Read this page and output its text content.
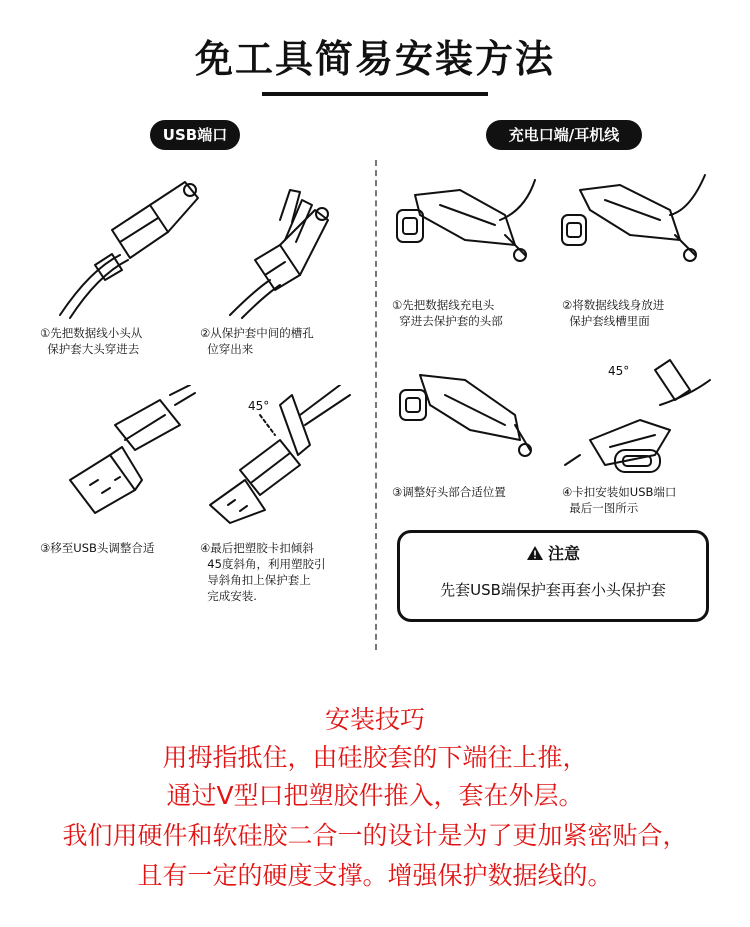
免工具简易安装方法
USB端口	充电口端/耳机线
45°
45°
①先把数据线小头从
保护套大头穿进去
②从保护套中间的槽孔
位穿出来
③移至USB头调整合适	④最后把塑胶卡扣倾斜
45度斜角，利用塑胶引
导斜角扣上保护套上
完成安装.
①先把数据线充电头
穿进去保护套的头部
②将数据线线身放进
保护套线槽里面
③调整好头部合适位置	④卡扣安装如USB端口
最后一图所示
注意
先套USB端保护套再套小头保护套
安装技巧
用拇指抵住，由硅胶套的下端往上推，
通过V型口把塑胶件推入，套在外层。
我们用硬件和软硅胶二合一的设计是为了更加紧密贴合，
且有一定的硬度支撑。增强保护数据线的。
